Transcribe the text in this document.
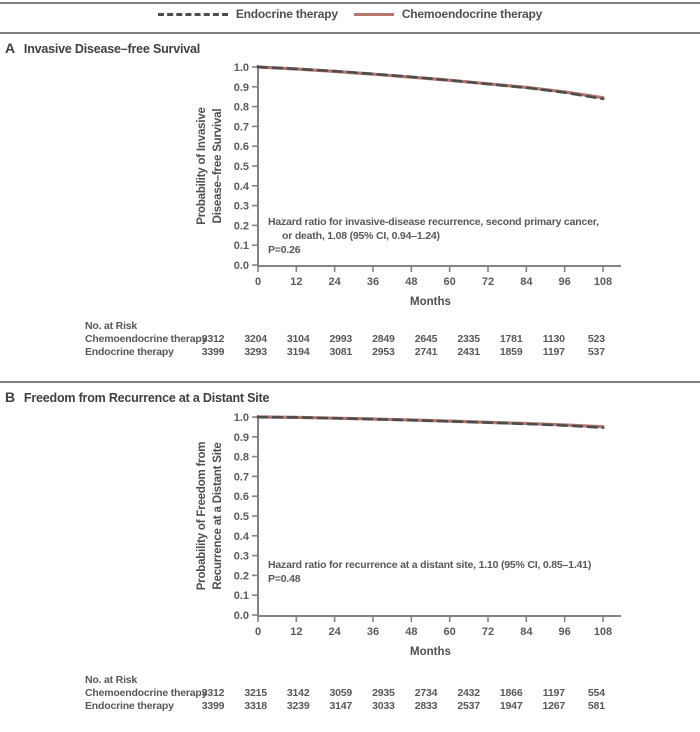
Endocrine therapy	Chemoendocrine therapy
A Invasive Disease–free Survival
Probability of Invasive Disease–free Survival
0.0
0.1
0.2
0.3
0.4
0.5
0.6
0.7
0.8
0.9
1.0
0	12 24 36 48 60 72 84 96 108
Months
Hazard ratio for invasive-disease recurrence, second primary cancer,
or death, 1.08 (95% CI, 0.94–1.24)
P=0.26
No. at Risk
Chemoendocrine therapy
3312	3204	3104	2993	2849	2645	2335	1781	1130	523
Endocrine therapy	3399	3293	3194	3081	2953	2741	2431	1859	1197	537
B Freedom from Recurrence at a Distant Site
Probability of Freedom from Recurrence at a Distant Site
0.0
0.1
0.2
0.3
0.4
0.5
0.6
0.7
0.8
0.9
1.0
0	12 24 36 48 60 72 84 96 108
Months
Hazard ratio for recurrence at a distant site, 1.10 (95% CI, 0.85–1.41)
P=0.48
No. at Risk
Chemoendocrine therapy
3312	3215	3142	3059	2935	2734	2432	1866	1197	554
Endocrine therapy	3399	3318	3239	3147	3033	2833	2537	1947	1267	581
